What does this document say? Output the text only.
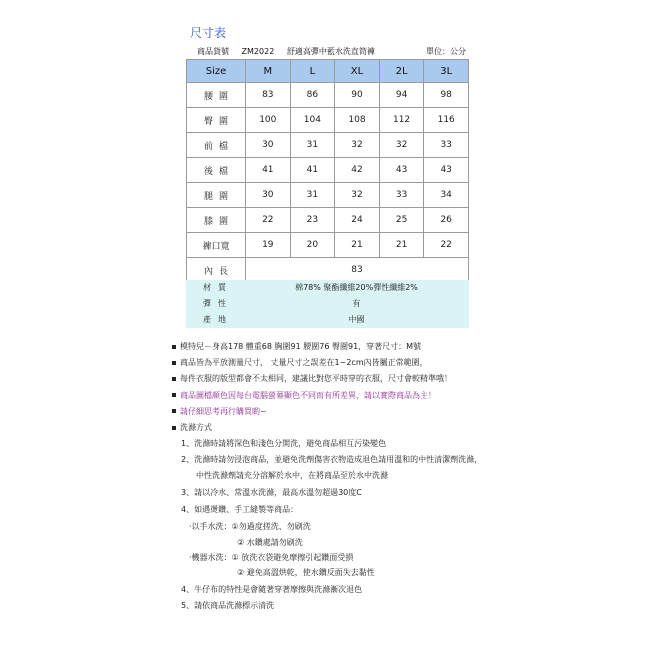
尺寸表
商品貨號 ZM2022 舒適高彈中藍水洗直筒褲	單位：公分
Size	M	L	XL	2L	3L
腰圍	83	86	90	94	98
臀圍	100	104	108	112	116
前檔	30	31	32	32	33
後檔	41	41	42	43	43
腿圍	30	31	32	33	34
膝圍	22	23	24	25	26
褲口寬	19	20	21	21	22
內長	83				
材質	棉78% 聚酯纖維20%彈性纖維2%
彈性	有
產地	中國
模特兒－身高178 體重68 胸圍91 腰圍76 臀圍91，穿著尺寸：M號
商品皆為平放測量尺寸， 丈量尺寸之誤差在1~2cm內皆屬正常範圍，
每件衣服的版型都會不太相同，建議比對您平時穿的衣服，尺寸會較精準哦！
商品圖檔顏色因每台電腦螢幕顯色不同而有所差異，請以實際商品為主！
請仔細思考再行購買喲~
洗滌方式
1、洗滌時請將深色和淺色分開洗，避免商品相互污染變色
2、洗滌時請勿浸泡商品，並避免洗劑傷害衣物造成退色請用溫和的中性清潔劑洗滌，
中性洗滌劑請充分溶解於水中，在將商品至於水中洗滌
3、請以冷水、常溫水洗滌，最高水溫勿超過30度C
4、如遇燙鑽、手工縫製等商品：
‧以手水洗：①勿過度搓洗、勿刷洗
② 水鑽處請勿刷洗
‧機器水洗：① 放洗衣袋避免摩擦引起鑽面受損
② 避免高溫烘乾，使水鑽反面失去黏性
4、牛仔布的特性是會隨著穿著摩擦與洗滌漸次退色
5、請依商品洗滌標示清洗
